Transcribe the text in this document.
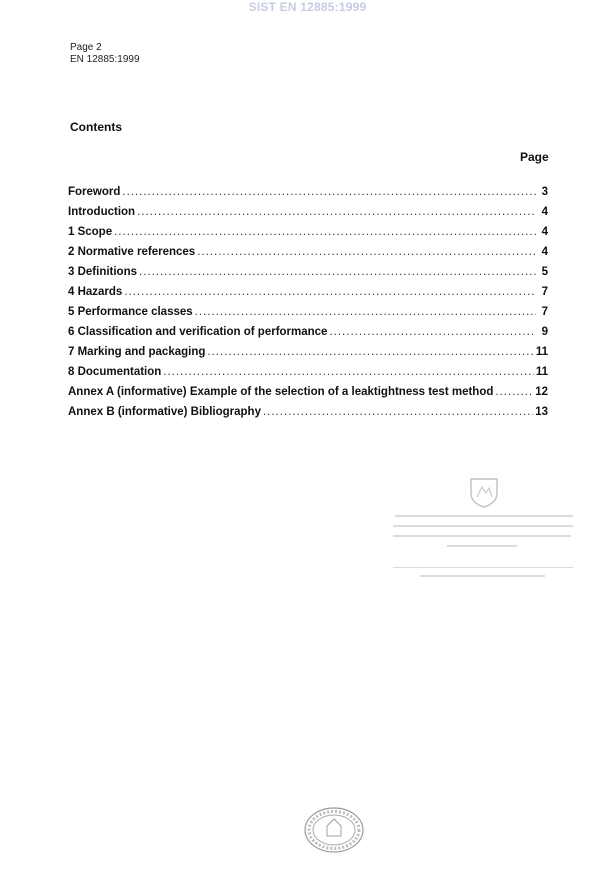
SIST EN 12885:1999
Page 2
EN 12885:1999
Contents
Page
Foreword .....	3
Introduction .....	4
1 Scope .....	4
2 Normative references .....	4
3 Definitions .....	5
4 Hazards .....	7
5 Performance classes .....	7
6 Classification and verification of performance .....	9
7 Marking and packaging .....	11
8 Documentation .....	11
Annex A (informative) Example of the selection of a leaktightness test method .....	12
Annex B (informative) Bibliography .....	13
